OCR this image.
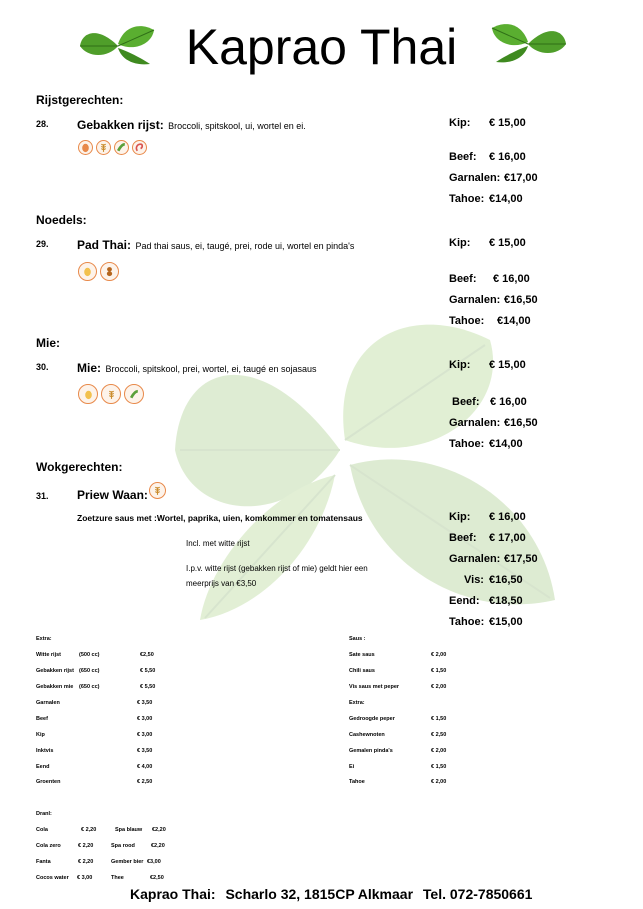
Kaprao Thai
Rijstgerechten:
28. Gebakken rijst: Broccoli, spitskool, ui, wortel en ei.	Kip: € 15,00
Beef: € 16,00
Garnalen: €17,00
Tahoe: €14,00
Noedels:
29. Pad Thai: Pad thai saus, ei, taugé, prei, rode ui, wortel en pinda's	Kip: € 15,00
Beef: € 16,00
Garnalen: €16,50
Tahoe: €14,00
Mie:
30. Mie: Broccoli, spitskool, prei, wortel, ei, taugé en sojasaus	Kip: € 15,00
Beef: € 16,00
Garnalen: €16,50
Tahoe: €14,00
Wokgerechten:
31. Priew Waan:
Zoetzure saus met :Wortel, paprika, uien, komkommer en tomatensaus
Incl. met witte rijst
I.p.v. witte rijst (gebakken rijst of mie) geldt hier een
meerprijs van €3,50
Kip: € 16,00
Beef: € 17,00
Garnalen: €17,50
Vis: €16,50
Eend: €18,50
Tahoe: €15,00
Extra:
Witte rijst	(500 cc)	€2,50
Gebakken rijst (650 cc)	€ 5,50
Gebakken mie (650 cc)	€ 5,50
Garnalen	€ 3,50
Beef	€ 3,00
Kip	€ 3,00
Inktvis	€ 3,50
Eend	€ 4,00
Groenten	€ 2,50
Saus :
Sate saus	€ 2,00
Chili saus	€ 1,50
Vis saus met peper	€ 2,00
Extra:
Gedroogde peper	€ 1,50
Cashewnoten	€ 2,50
Gemalen pinda's	€ 2,00
Ei	€ 1,50
Tahoe	€ 2,00
Dranl:
Cola	€ 2,20	Spa blauw €2,20
Cola zero	€ 2,20	Spa rood	€2,20
Fanta	€ 2,20	Gember bier €3,00
Cocos water € 3,00	Thee	€2,50
Kaprao Thai: Scharlo 32, 1815CP Alkmaar Tel. 072-7850661
